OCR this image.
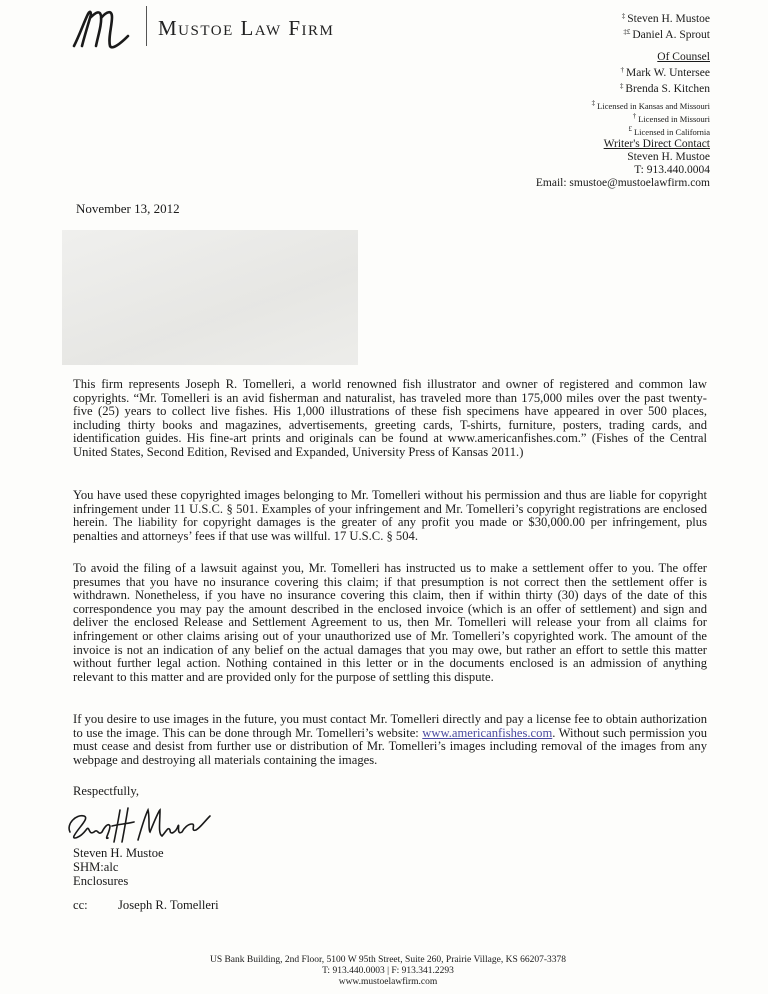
Mustoe Law Firm	‡ Steven H. Mustoe
‡£ Daniel A. Sprout
Of Counsel
† Mark W. Untersee
‡ Brenda S. Kitchen
‡ Licensed in Kansas and Missouri
† Licensed in Missouri
£ Licensed in California
Writer's Direct Contact
Steven H. Mustoe
T: 913.440.0004
Email: smustoe@mustoelawfirm.com
November 13, 2012
This firm represents Joseph R. Tomelleri, a world renowned fish illustrator and owner of registered and common law copyrights. “Mr. Tomelleri is an avid fisherman and naturalist, has traveled more than 175,000 miles over the past twenty-five (25) years to collect live fishes. His 1,000 illustrations of these fish specimens have appeared in over 500 places, including thirty books and magazines, advertisements, greeting cards, T-shirts, furniture, posters, trading cards, and identification guides. His fine-art prints and originals can be found at www.americanfishes.com.” (Fishes of the Central United States, Second Edition, Revised and Expanded, University Press of Kansas 2011.)
You have used these copyrighted images belonging to Mr. Tomelleri without his permission and thus are liable for copyright infringement under 11 U.S.C. § 501. Examples of your infringement and Mr. Tomelleri’s copyright registrations are enclosed herein. The liability for copyright damages is the greater of any profit you made or $30,000.00 per infringement, plus penalties and attorneys’ fees if that use was willful. 17 U.S.C. § 504.
To avoid the filing of a lawsuit against you, Mr. Tomelleri has instructed us to make a settlement offer to you. The offer presumes that you have no insurance covering this claim; if that presumption is not correct then the settlement offer is withdrawn. Nonetheless, if you have no insurance covering this claim, then if within thirty (30) days of the date of this correspondence you may pay the amount described in the enclosed invoice (which is an offer of settlement) and sign and deliver the enclosed Release and Settlement Agreement to us, then Mr. Tomelleri will release your from all claims for infringement or other claims arising out of your unauthorized use of Mr. Tomelleri’s copyrighted work. The amount of the invoice is not an indication of any belief on the actual damages that you may owe, but rather an effort to settle this matter without further legal action. Nothing contained in this letter or in the documents enclosed is an admission of anything relevant to this matter and are provided only for the purpose of settling this dispute.
If you desire to use images in the future, you must contact Mr. Tomelleri directly and pay a license fee to obtain authorization to use the image. This can be done through Mr. Tomelleri’s website: www.americanfishes.com. Without such permission you must cease and desist from further use or distribution of Mr. Tomelleri’s images including removal of the images from any webpage and destroying all materials containing the images.
Respectfully,
Steven H. Mustoe
SHM:alc
Enclosures
cc: Joseph R. Tomelleri
US Bank Building, 2nd Floor, 5100 W 95th Street, Suite 260, Prairie Village, KS 66207-3378
T: 913.440.0003 | F: 913.341.2293
www.mustoelawfirm.com
